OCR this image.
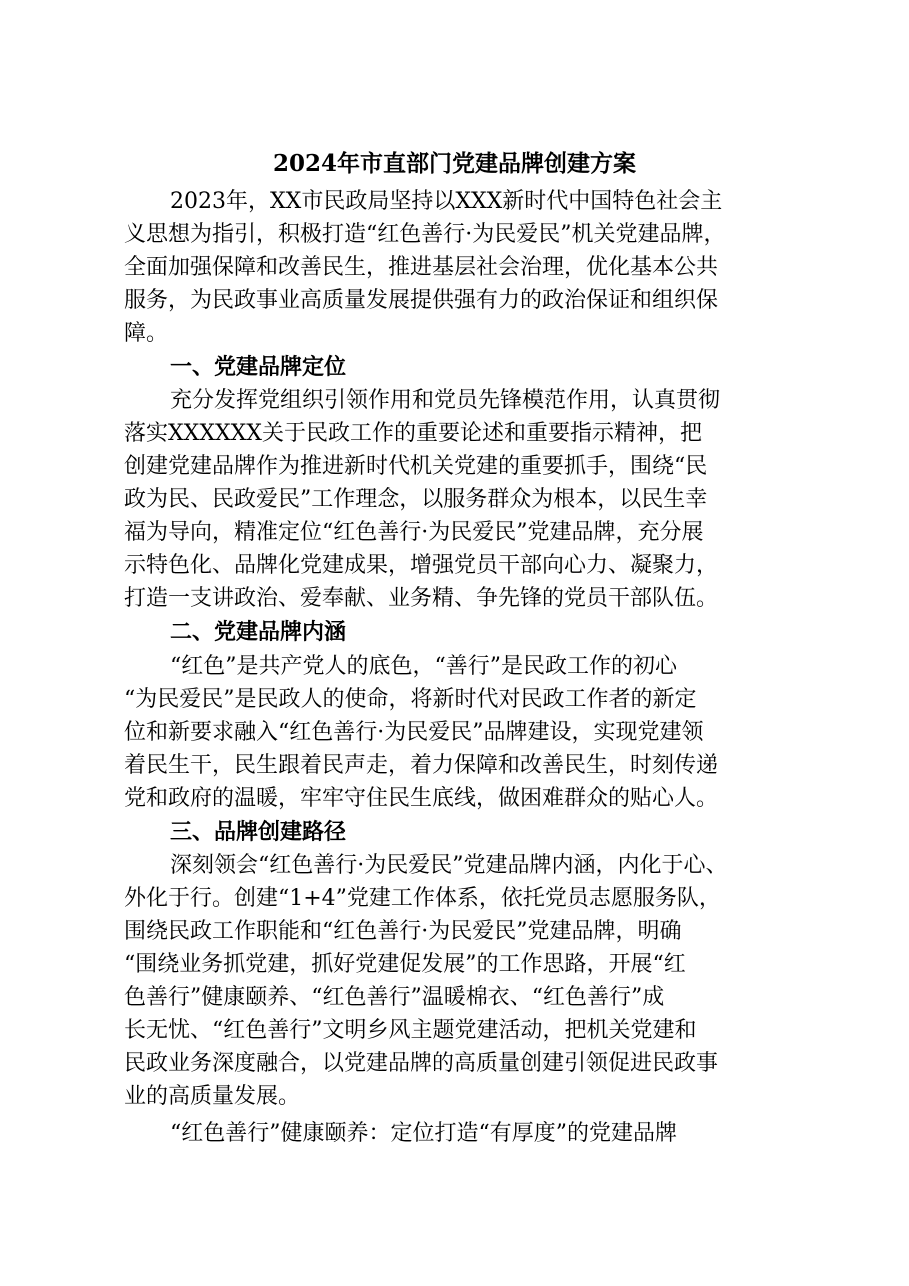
2024年市直部门党建品牌创建方案
2023年，XX市民政局坚持以XXX新时代中国特色社会主
义思想为指引，积极打造“红色善行·为民爱民”机关党建品牌，
全面加强保障和改善民生，推进基层社会治理，优化基本公共
服务，为民政事业高质量发展提供强有力的政治保证和组织保
障。
一、党建品牌定位
充分发挥党组织引领作用和党员先锋模范作用，认真贯彻
落实XXXXXX关于民政工作的重要论述和重要指示精神，把
创建党建品牌作为推进新时代机关党建的重要抓手，围绕“民
政为民、民政爱民”工作理念，以服务群众为根本，以民生幸
福为导向，精准定位“红色善行·为民爱民”党建品牌，充分展
示特色化、品牌化党建成果，增强党员干部向心力、凝聚力，
打造一支讲政治、爱奉献、业务精、争先锋的党员干部队伍。
二、党建品牌内涵
“红色”是共产党人的底色，“善行”是民政工作的初心
“为民爱民”是民政人的使命，将新时代对民政工作者的新定
位和新要求融入“红色善行·为民爱民”品牌建设，实现党建领
着民生干，民生跟着民声走，着力保障和改善民生，时刻传递
党和政府的温暖，牢牢守住民生底线，做困难群众的贴心人。
三、品牌创建路径
深刻领会“红色善行·为民爱民”党建品牌内涵，内化于心、
外化于行。创建“1+4”党建工作体系，依托党员志愿服务队，
围绕民政工作职能和“红色善行·为民爱民”党建品牌，明确
“围绕业务抓党建，抓好党建促发展”的工作思路，开展“红
色善行”健康颐养、“红色善行”温暖棉衣、“红色善行”成
长无忧、“红色善行”文明乡风主题党建活动，把机关党建和
民政业务深度融合，以党建品牌的高质量创建引领促进民政事
业的高质量发展。
“红色善行”健康颐养：定位打造“有厚度”的党建品牌
